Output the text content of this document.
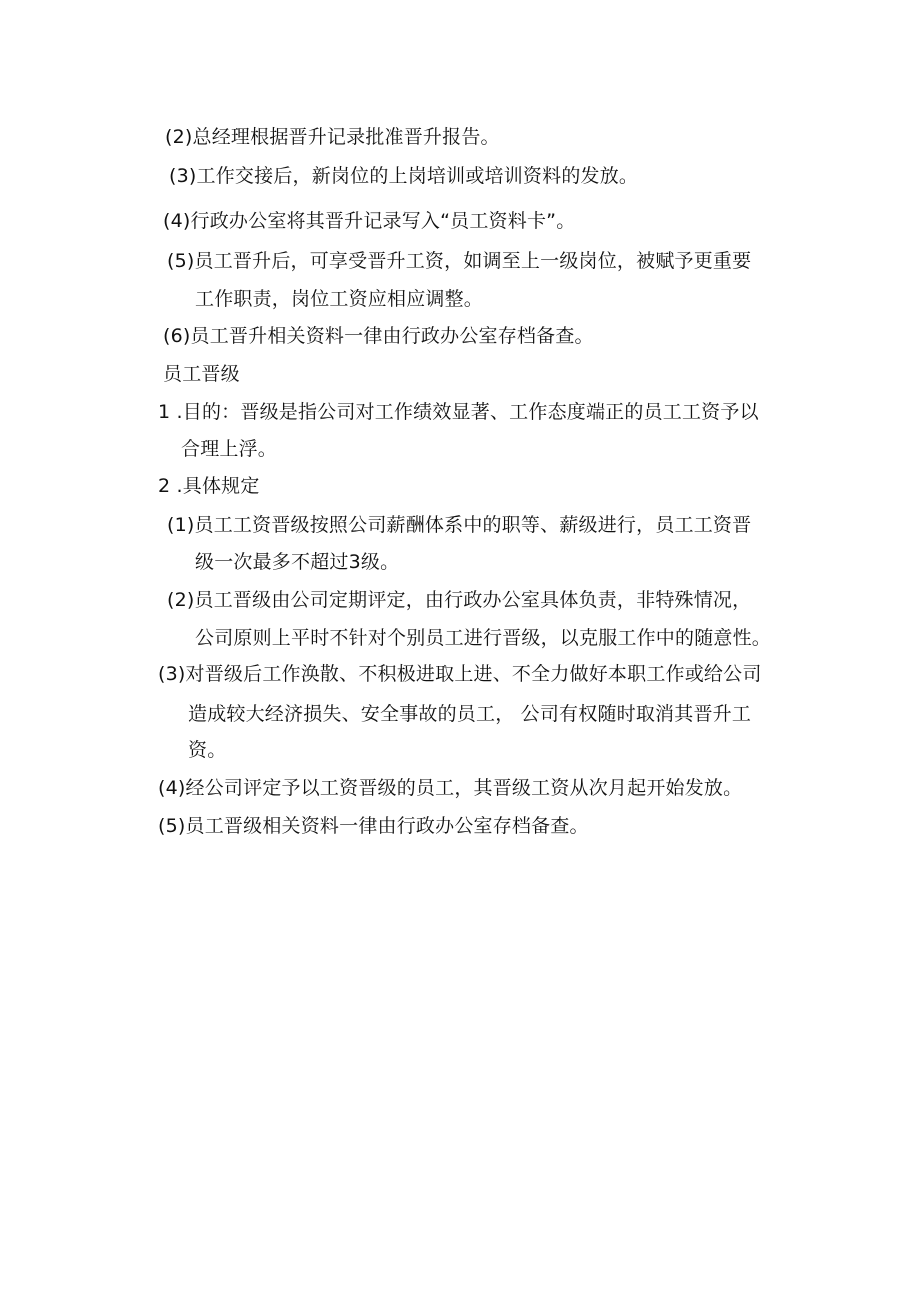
(2)总经理根据晋升记录批准晋升报告。
(3)工作交接后，新岗位的上岗培训或培训资料的发放。
(4)行政办公室将其晋升记录写入“员工资料卡”。
(5)员工晋升后，可享受晋升工资，如调至上一级岗位，被赋予更重要
工作职责，岗位工资应相应调整。
(6)员工晋升相关资料一律由行政办公室存档备查。
员工晋级
1 .目的：晋级是指公司对工作绩效显著、工作态度端正的员工工资予以
合理上浮。
2 .具体规定
(1)员工工资晋级按照公司薪酬体系中的职等、薪级进行，员工工资晋
级一次最多不超过3级。
(2)员工晋级由公司定期评定，由行政办公室具体负责，非特殊情况，
公司原则上平时不针对个别员工进行晋级，以克服工作中的随意性。
(3)对晋级后工作涣散、不积极进取上进、不全力做好本职工作或给公司
造成较大经济损失、安全事故的员工， 公司有权随时取消其晋升工
资。
(4)经公司评定予以工资晋级的员工，其晋级工资从次月起开始发放。
(5)员工晋级相关资料一律由行政办公室存档备查。
